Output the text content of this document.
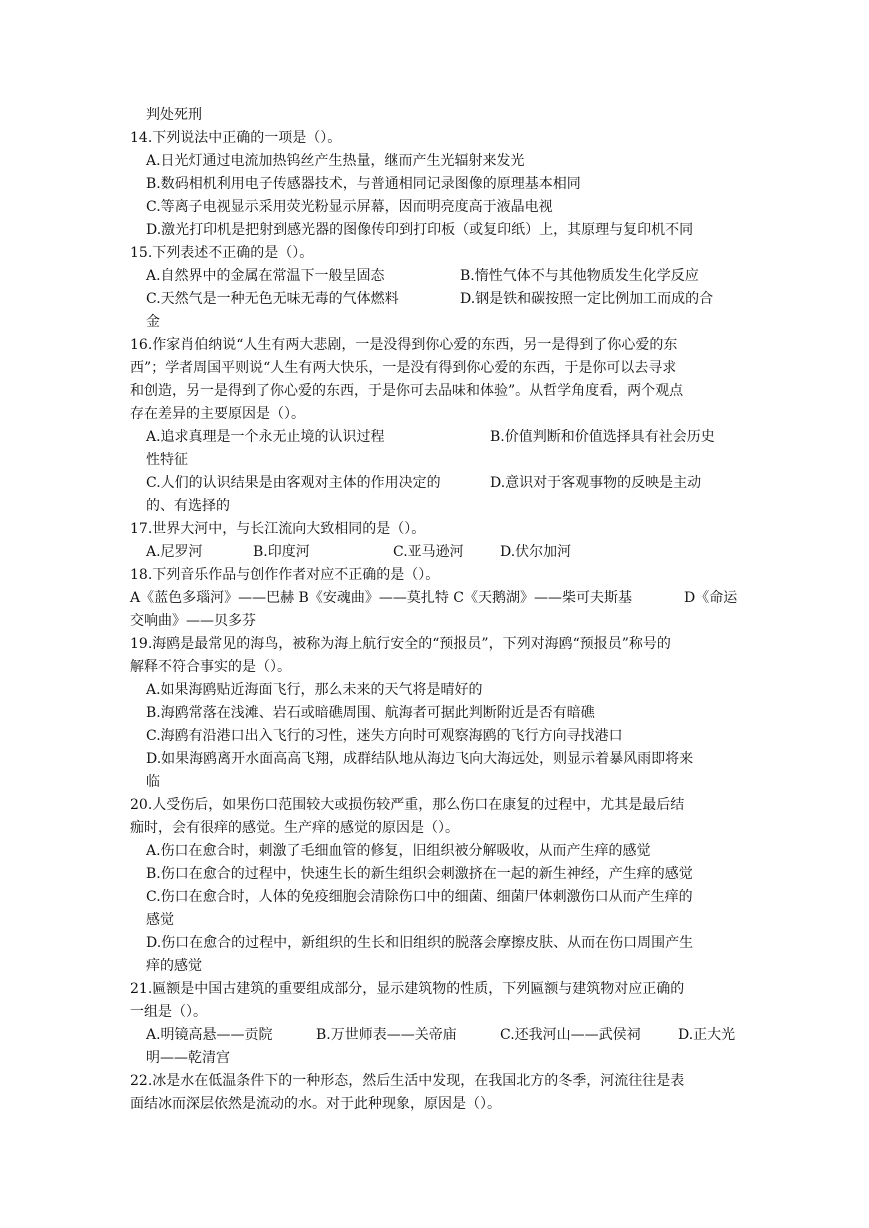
判处死刑
14.下列说法中正确的一项是（）。
A.日光灯通过电流加热钨丝产生热量，继而产生光辐射来发光
B.数码相机利用电子传感器技术，与普通相同记录图像的原理基本相同
C.等离子电视显示采用荧光粉显示屏幕，因而明亮度高于液晶电视
D.激光打印机是把射到感光器的图像传印到打印板（或复印纸）上，其原理与复印机不同
15.下列表述不正确的是（）。
A.自然界中的金属在常温下一般呈固态	B.惰性气体不与其他物质发生化学反应
C.天然气是一种无色无味无毒的气体燃料	D.钢是铁和碳按照一定比例加工而成的合
金
16.作家肖伯纳说“人生有两大悲剧，一是没得到你心爱的东西，另一是得到了你心爱的东
西”；学者周国平则说“人生有两大快乐，一是没有得到你心爱的东西，于是你可以去寻求
和创造，另一是得到了你心爱的东西，于是你可去品味和体验”。从哲学角度看，两个观点
存在差异的主要原因是（）。
A.追求真理是一个永无止境的认识过程	B.价值判断和价值选择具有社会历史
性特征
C.人们的认识结果是由客观对主体的作用决定的	D.意识对于客观事物的反映是主动
的、有选择的
17.世界大河中，与长江流向大致相同的是（）。
A.尼罗河	B.印度河	C.亚马逊河	D.伏尔加河
18.下列音乐作品与创作作者对应不正确的是（）。
A《蓝色多瑙河》——巴赫 B《安魂曲》——莫扎特 C《天鹅湖》——柴可夫斯基	D《命运
交响曲》——贝多芬
19.海鸥是最常见的海鸟，被称为海上航行安全的“预报员”，下列对海鸥“预报员”称号的
解释不符合事实的是（）。
A.如果海鸥贴近海面飞行，那么未来的天气将是晴好的
B.海鸥常落在浅滩、岩石或暗礁周围、航海者可据此判断附近是否有暗礁
C.海鸥有沿港口出入飞行的习性，迷失方向时可观察海鸥的飞行方向寻找港口
D.如果海鸥离开水面高高飞翔，成群结队地从海边飞向大海远处，则显示着暴风雨即将来
临
20.人受伤后，如果伤口范围较大或损伤较严重，那么伤口在康复的过程中，尤其是最后结
痂时，会有很痒的感觉。生产痒的感觉的原因是（）。
A.伤口在愈合时，刺激了毛细血管的修复，旧组织被分解吸收，从而产生痒的感觉
B.伤口在愈合的过程中，快速生长的新生组织会刺激挤在一起的新生神经，产生痒的感觉
C.伤口在愈合时，人体的免疫细胞会清除伤口中的细菌、细菌尸体刺激伤口从而产生痒的
感觉
D.伤口在愈合的过程中，新组织的生长和旧组织的脱落会摩擦皮肤、从而在伤口周围产生
痒的感觉
21.匾额是中国古建筑的重要组成部分，显示建筑物的性质，下列匾额与建筑物对应正确的
一组是（）。
A.明镜高悬——贡院	B.万世师表——关帝庙	C.还我河山——武侯祠	D.正大光
明——乾清宫
22.冰是水在低温条件下的一种形态，然后生活中发现，在我国北方的冬季，河流往往是表
面结冰而深层依然是流动的水。对于此种现象，原因是（）。
